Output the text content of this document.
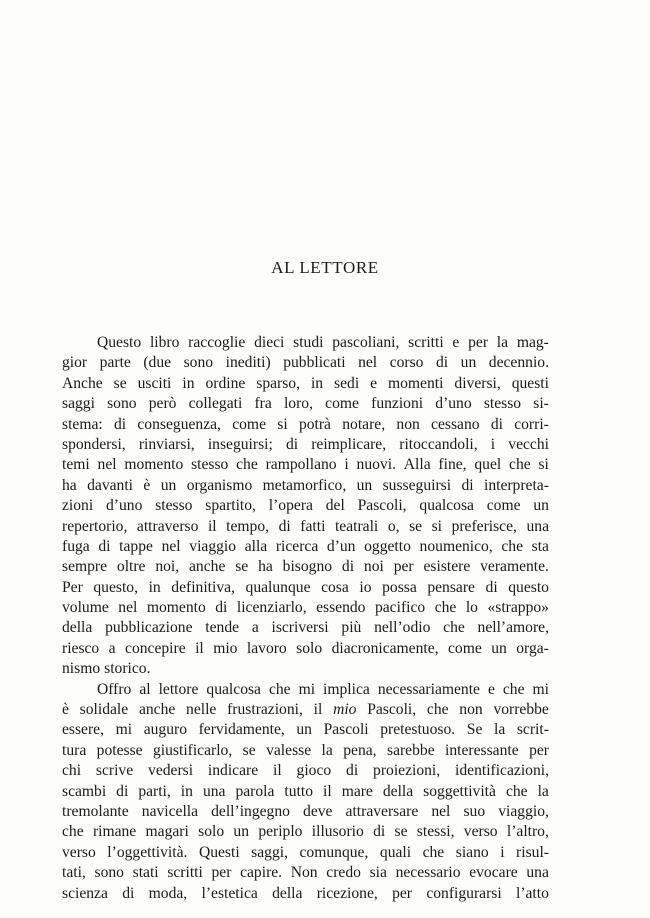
AL LETTORE
Questo libro raccoglie dieci studi pascoliani, scritti e per la mag-
gior parte (due sono inediti) pubblicati nel corso di un decennio.
Anche se usciti in ordine sparso, in sedi e momenti diversi, questi
saggi sono però collegati fra loro, come funzioni d’uno stesso si-
stema: di conseguenza, come si potrà notare, non cessano di corri-
spondersi, rinviarsi, inseguirsi; di reimplicare, ritoccandoli, i vecchi
temi nel momento stesso che rampollano i nuovi. Alla fine, quel che si
ha davanti è un organismo metamorfico, un susseguirsi di interpreta-
zioni d’uno stesso spartito, l’opera del Pascoli, qualcosa come un
repertorio, attraverso il tempo, di fatti teatrali o, se si preferisce, una
fuga di tappe nel viaggio alla ricerca d’un oggetto noumenico, che sta
sempre oltre noi, anche se ha bisogno di noi per esistere veramente.
Per questo, in definitiva, qualunque cosa io possa pensare di questo
volume nel momento di licenziarlo, essendo pacifico che lo «strappo»
della pubblicazione tende a iscriversi più nell’odio che nell’amore,
riesco a concepire il mio lavoro solo diacronicamente, come un orga-
nismo storico.
Offro al lettore qualcosa che mi implica necessariamente e che mi
è solidale anche nelle frustrazioni, il mio Pascoli, che non vorrebbe
essere, mi auguro fervidamente, un Pascoli pretestuoso. Se la scrit-
tura potesse giustificarlo, se valesse la pena, sarebbe interessante per
chi scrive vedersi indicare il gioco di proiezioni, identificazioni,
scambi di parti, in una parola tutto il mare della soggettività che la
tremolante navicella dell’ingegno deve attraversare nel suo viaggio,
che rimane magari solo un periplo illusorio di se stessi, verso l’altro,
verso l’oggettività. Questi saggi, comunque, quali che siano i risul-
tati, sono stati scritti per capire. Non credo sia necessario evocare una
scienza di moda, l’estetica della ricezione, per configurarsi l’atto
